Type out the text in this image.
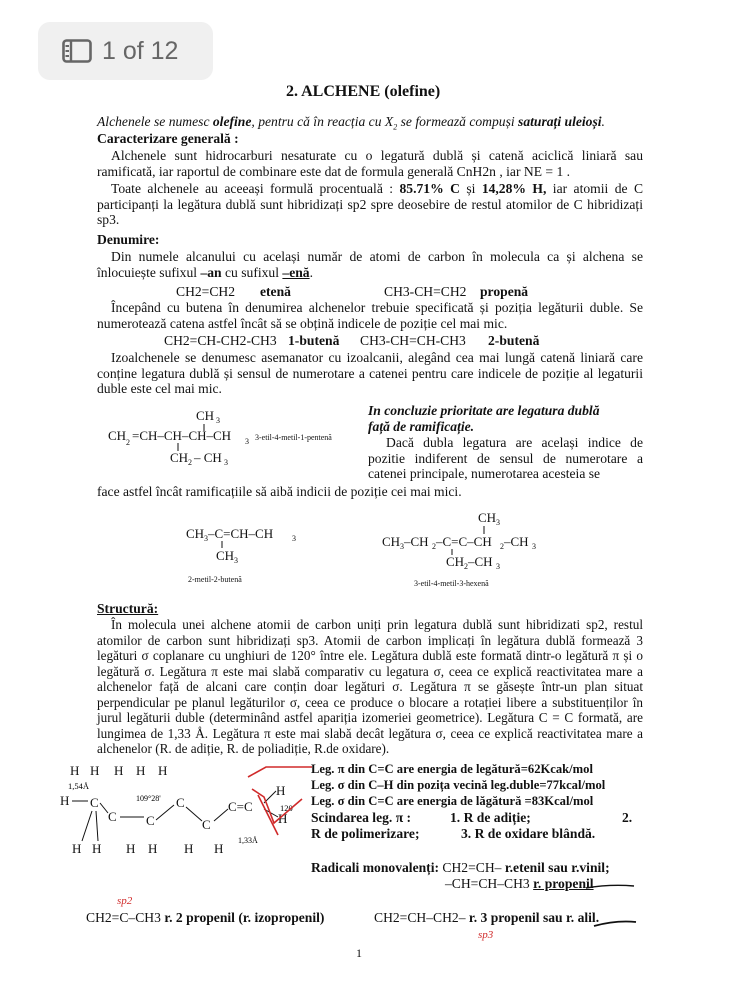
1 of 12
2. ALCHENE (olefine)
Alchenele se numesc olefine, pentru că în reacția cu $X_2$ se formează compuși saturați uleioși.
Caracterizare generală :
Alchenele sunt hidrocarburi nesaturate cu o legatură dublă și catenă aciclică liniară sau ramificată, iar raportul de combinare este dat de formula generală CnH2n , iar NE = 1 .
Toate alchenele au aceeași formulă procentuală : 85.71% C și 14,28% H, iar atomii de C participanți la legătura dublă sunt hibridizați sp2 spre deosebire de restul atomilor de C hibridizați sp3.
Denumire:
Din numele alcanului cu același număr de atomi de carbon în molecula ca și alchena se înlocuiește sufixul –an cu sufixul –enă.
CH2=CH2 etenă	CH3-CH=CH2 propenă
Începând cu butena în denumirea alchenelor trebuie specificată și poziția legăturii duble. Se numerotează catena astfel încât să se obțină indicele de poziție cel mai mic.
CH2=CH-CH2-CH3 1-butenă CH3-CH=CH-CH3 2-butenă
Izoalchenele se denumesc asemanator cu izoalcanii, alegând cea mai lungă catenă liniară care conține legatura dublă și sensul de numerotare a catenei pentru care indicele de poziție al legaturii duble este cel mai mic.
CH 3
CH 2 =CH–CH–CH–CH 3
CH 2 – CH 3
3-etil-4-metil-1-pentenă
In concluzie prioritate are legatura dublă
față de ramificație.
Dacă dubla legatura are același indice de pozitie indiferent de sensul de numerotare a catenei principale, numerotarea acesteia se
face astfel încât ramificațiile să aibă indicii de poziție cei mai mici.
CH 3 –C=CH–CH 3
CH 3
2-metil-2-butenă
CH 3
CH 3 –CH 2 –C=C–CH 2 –CH 3
CH 2 –CH 3
3-etil-4-metil-3-hexenă
Structură:
În molecula unei alchene atomii de carbon uniți prin legatura dublă sunt hibridizati sp2, restul atomilor de carbon sunt hibridizați sp3. Atomii de carbon implicați în legătura dublă formează 3 legături σ coplanare cu unghiuri de 120° între ele. Legătura dublă este formată dintr-o legătură π și o legătură σ. Legătura π este mai slabă comparativ cu legatura σ, ceea ce explică reactivitatea mare a alchenelor față de alcani care conțin doar legături σ. Legătura π se găsește într-un plan situat perpendicular pe planul legăturilor σ, ceea ce produce o blocare a rotației libere a substituenților în jurul legăturii duble (determinând astfel apariția izomeriei geometrice). Legătura C = C formată, are lungimea de 1,33 Å. Legătura π este mai slabă decât legătura σ, ceea ce explică reactivitatea mare a alchenelor (R. de adiție, R. de poliadiție, R.de oxidare).
H H H H H
H C
C C
C
C
C=C
H
H
H H H H H H
1,54Å
109°28'
120
1,33Å
Leg. π din C=C are energia de legătură=62Kcak/mol
Leg. σ din C–H din pozița vecină leg.duble=77kcal/mol
Leg. σ din C=C are energia de lăgătură =83Kcal/mol
Scindarea leg. π :	1. R de adiție;	2.
R de polimerizare;	3. R de oxidare blândă.
Radicali monovalenți: CH2=CH– r.etenil sau r.vinil;
–CH=CH–CH3 r. propenil
CH2=C–CH3 r. 2 propenil (r. izopropenil)	CH2=CH–CH2– r. 3 propenil sau r. alil.
sp2
sp3
1
